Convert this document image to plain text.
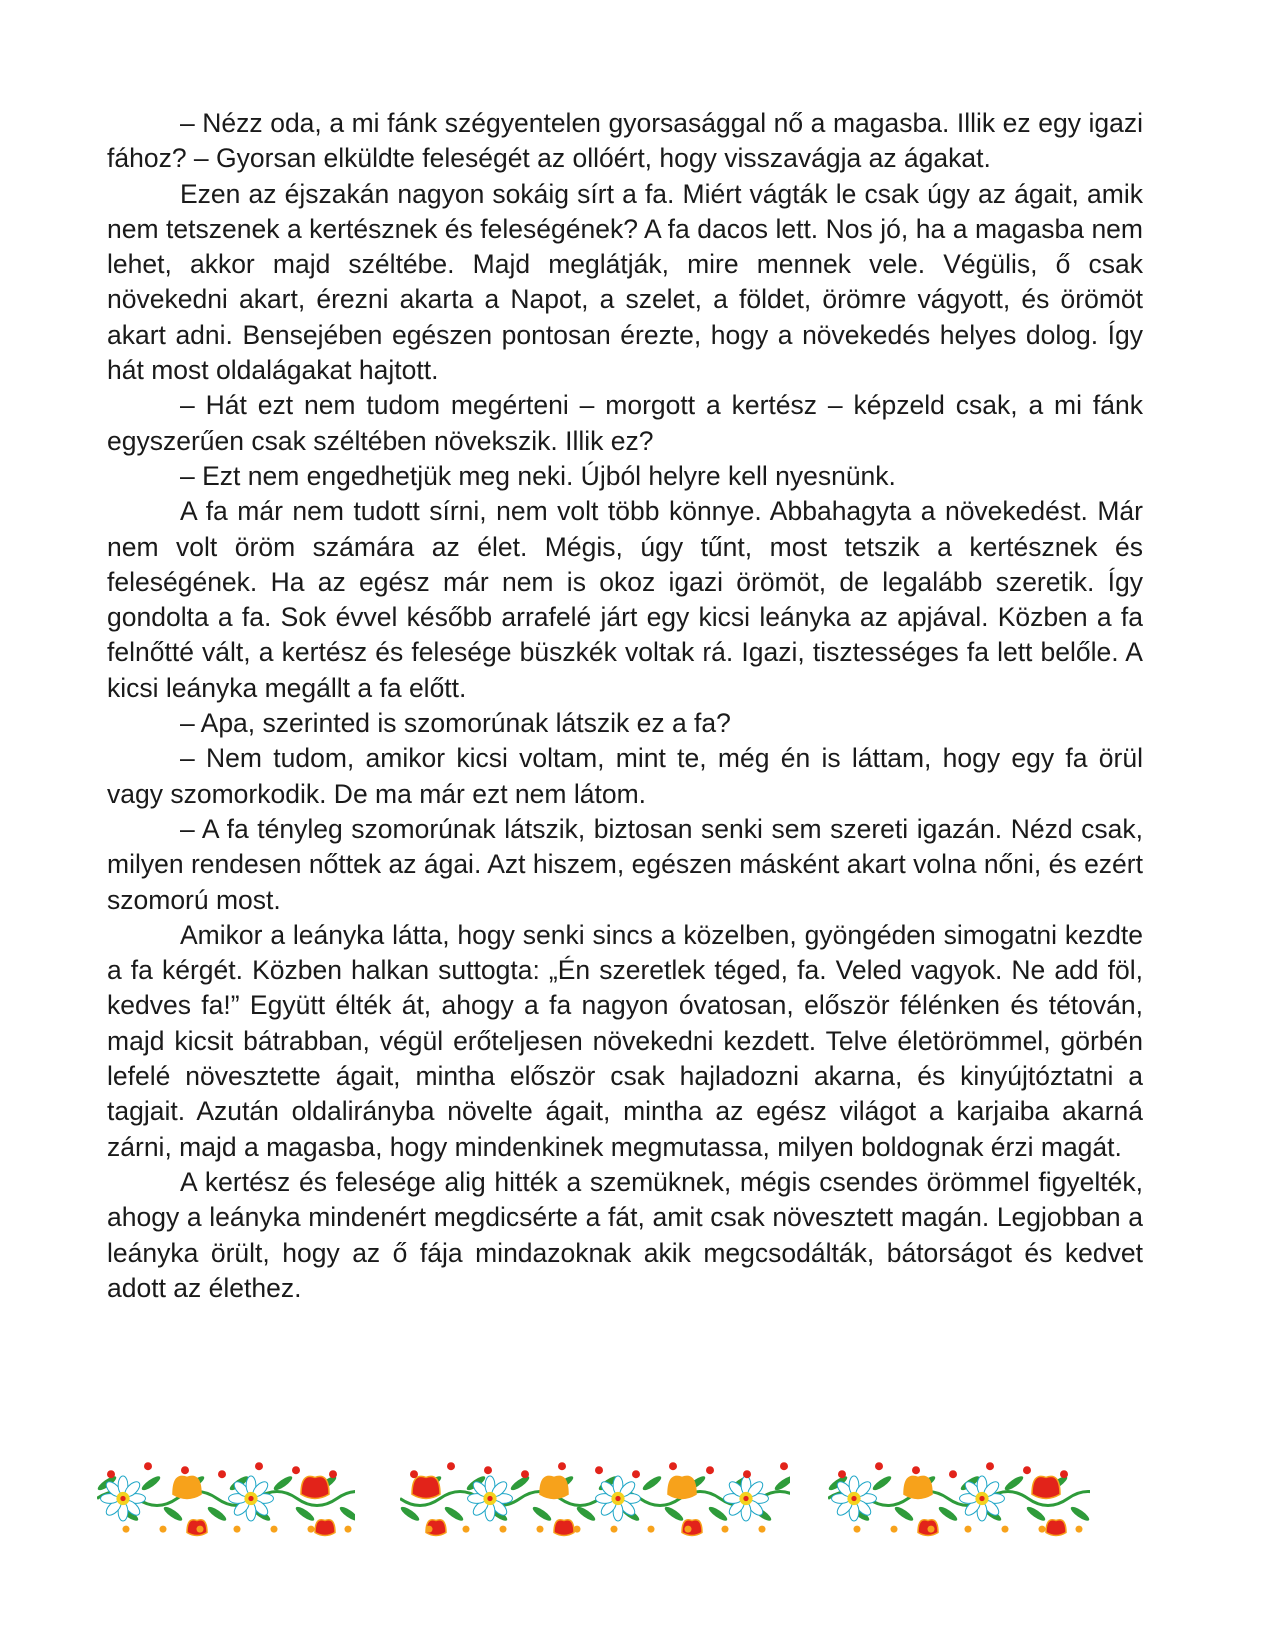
– Nézz oda, a mi fánk szégyentelen gyorsasággal nő a magasba. Illik ez egy igazi fához? – Gyorsan elküldte feleségét az ollóért, hogy visszavágja az ágakat.

Ezen az éjszakán nagyon sokáig sírt a fa. Miért vágták le csak úgy az ágait, amik nem tetszenek a kertésznek és feleségének? A fa dacos lett. Nos jó, ha a magasba nem lehet, akkor majd széltébe. Majd meglátják, mire mennek vele. Végülis, ő csak növekedni akart, érezni akarta a Napot, a szelet, a földet, örömre vágyott, és örömöt akart adni. Bensejében egészen pontosan érezte, hogy a növekedés helyes dolog. Így hát most oldalágakat hajtott.

– Hát ezt nem tudom megérteni – morgott a kertész – képzeld csak, a mi fánk egyszerűen csak széltében növekszik. Illik ez?

– Ezt nem engedhetjük meg neki. Újból helyre kell nyesnünk.

A fa már nem tudott sírni, nem volt több könnye. Abbahagyta a növekedést. Már nem volt öröm számára az élet. Mégis, úgy tűnt, most tetszik a kertésznek és feleségének. Ha az egész már nem is okoz igazi örömöt, de legalább szeretik. Így gondolta a fa. Sok évvel később arrafelé járt egy kicsi leányka az apjával. Közben a fa felnőtté vált, a kertész és felesége büszkék voltak rá. Igazi, tisztességes fa lett belőle. A kicsi leányka megállt a fa előtt.

– Apa, szerinted is szomorúnak látszik ez a fa?

– Nem tudom, amikor kicsi voltam, mint te, még én is láttam, hogy egy fa örül vagy szomorkodik. De ma már ezt nem látom.

– A fa tényleg szomorúnak látszik, biztosan senki sem szereti igazán. Nézd csak, milyen rendesen nőttek az ágai. Azt hiszem, egészen másként akart volna nőni, és ezért szomorú most.

Amikor a leányka látta, hogy senki sincs a közelben, gyöngéden simogatni kezdte a fa kérgét. Közben halkan suttogta: „Én szeretlek téged, fa. Veled vagyok. Ne add föl, kedves fa!” Együtt élték át, ahogy a fa nagyon óvatosan, először félénken és tétován, majd kicsit bátrabban, végül erőteljesen növekedni kezdett. Telve életörömmel, görbén lefelé növesztette ágait, mintha először csak hajladozni akarna, és kinyújtóztatni a tagjait. Azután oldalirányba növelte ágait, mintha az egész világot a karjaiba akarná zárni, majd a magasba, hogy mindenkinek megmutassa, milyen boldognak érzi magát.

A kertész és felesége alig hitték a szemüknek, mégis csendes örömmel figyelték, ahogy a leányka mindenért megdicsérte a fát, amit csak növesztett magán. Legjobban a leányka örült, hogy az ő fája mindazoknak akik megcsodálták, bátorságot és kedvet adott az élethez.
